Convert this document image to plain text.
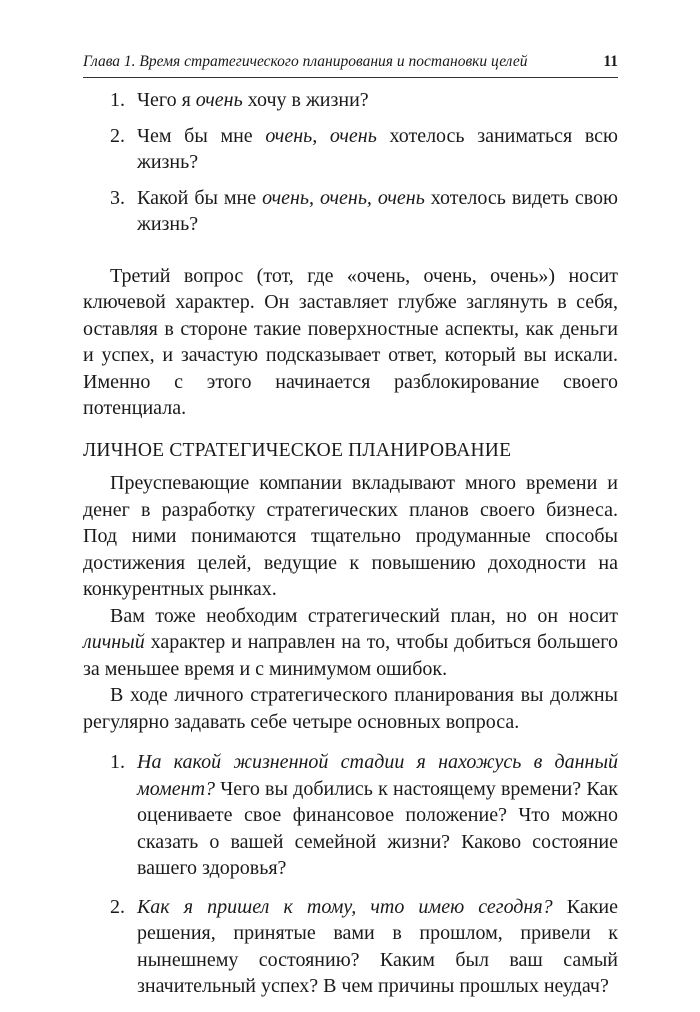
Глава 1. Время стратегического планирования и постановки целей	11
1. Чего я очень хочу в жизни?
2. Чем бы мне очень, очень хотелось заниматься всю жизнь?
3. Какой бы мне очень, очень, очень хотелось видеть свою жизнь?

Третий вопрос (тот, где «очень, очень, очень») носит ключевой характер. Он заставляет глубже заглянуть в себя, оставляя в стороне такие поверхностные аспекты, как деньги и успех, и зачастую подсказывает ответ, который вы искали. Именно с этого начинается разблокирование своего потенциала.

ЛИЧНОЕ СТРАТЕГИЧЕСКОЕ ПЛАНИРОВАНИЕ

Преуспевающие компании вкладывают много времени и денег в разработку стратегических планов своего бизнеса. Под ними понимаются тщательно продуманные способы достижения целей, ведущие к повышению доходности на конкурентных рынках.

Вам тоже необходим стратегический план, но он носит личный характер и направлен на то, чтобы добиться большего за меньшее время и с минимумом ошибок.

В ходе личного стратегического планирования вы должны регулярно задавать себе четыре основных вопроса.

1. На какой жизненной стадии я нахожусь в данный момент? Чего вы добились к настоящему времени? Как оцениваете свое финансовое положение? Что можно сказать о вашей семейной жизни? Каково состояние вашего здоровья?
2. Как я пришел к тому, что имею сегодня? Какие решения, принятые вами в прошлом, привели к нынешнему состоянию? Каким был ваш самый значительный успех? В чем причины прошлых неудач?
